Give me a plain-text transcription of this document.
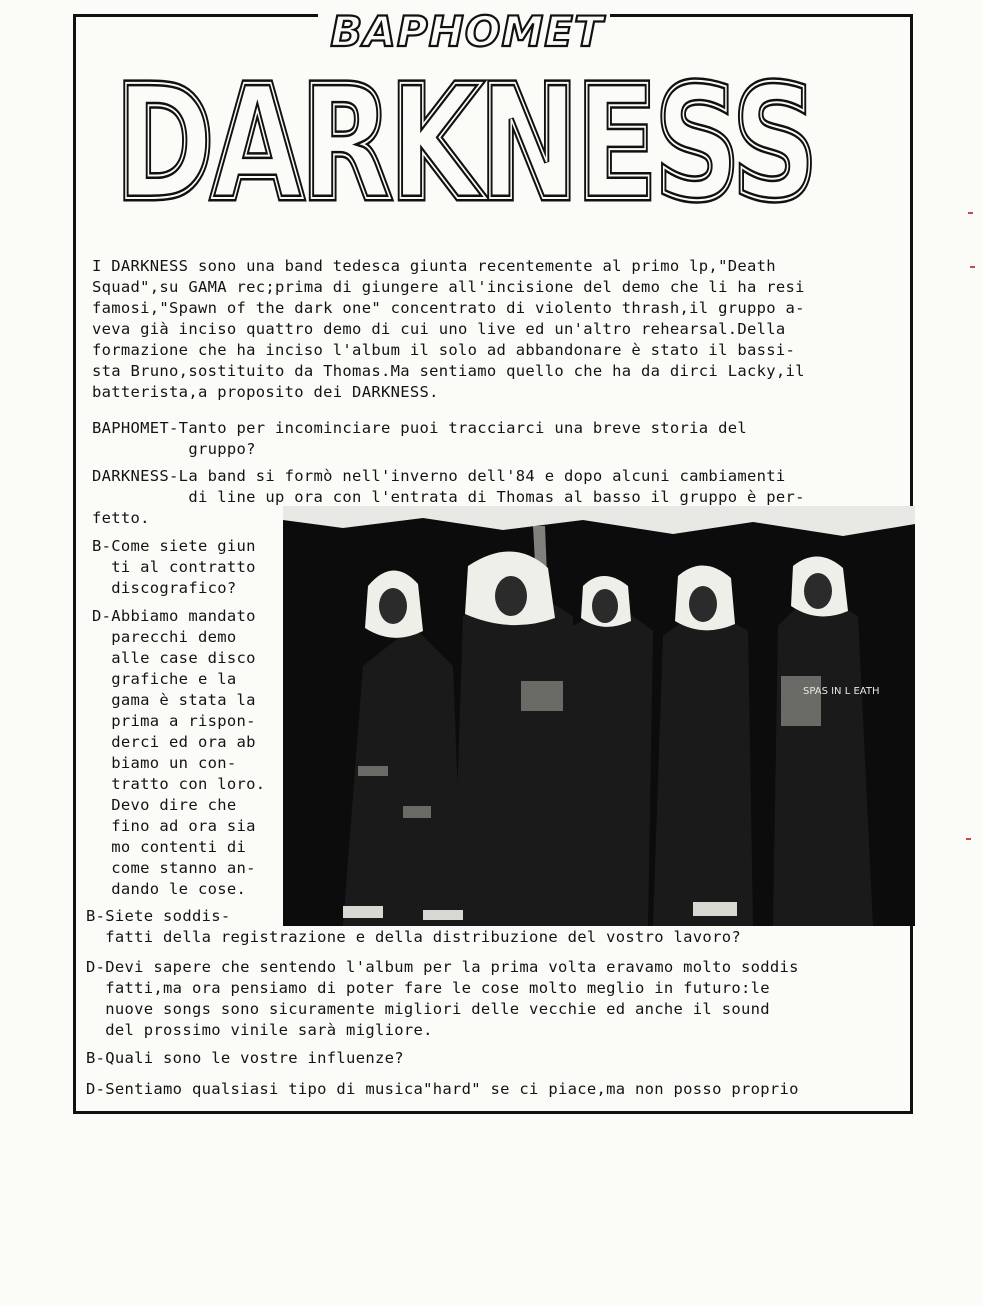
BAPHOMET
DARKNESS
DARKNESS
I DARKNESS sono una band tedesca giunta recentemente al primo lp,"Death
Squad",su GAMA rec;prima di giungere all'incisione del demo che li ha resi
famosi,"Spawn of the dark one" concentrato di violento thrash,il gruppo a-
veva già inciso quattro demo di cui uno live ed un'altro rehearsal.Della
formazione che ha inciso l'album il solo ad abbandonare è stato il bassi-
sta Bruno,sostituito da Thomas.Ma sentiamo quello che ha da dirci Lacky,il
batterista,a proposito dei DARKNESS.
BAPHOMET-Tanto per incominciare puoi tracciarci una breve storia del
gruppo?
DARKNESS-La band si formò nell'inverno dell'84 e dopo alcuni cambiamenti
di line up ora con l'entrata di Thomas al basso il gruppo è per-
fetto.
SPAS IN L EATH
B-Come siete giun
ti al contratto
discografico?
D-Abbiamo mandato
parecchi demo
alle case disco
grafiche e la
gama è stata la
prima a rispon-
derci ed ora ab
biamo un con-
tratto con loro.
Devo dire che
fino ad ora sia
mo contenti di
come stanno an-
dando le cose.
B-Siete soddis-
fatti della registrazione e della distribuzione del vostro lavoro?
D-Devi sapere che sentendo l'album per la prima volta eravamo molto soddis
fatti,ma ora pensiamo di poter fare le cose molto meglio in futuro:le
nuove songs sono sicuramente migliori delle vecchie ed anche il sound
del prossimo vinile sarà migliore.
B-Quali sono le vostre influenze?
D-Sentiamo qualsiasi tipo di musica"hard" se ci piace,ma non posso proprio
